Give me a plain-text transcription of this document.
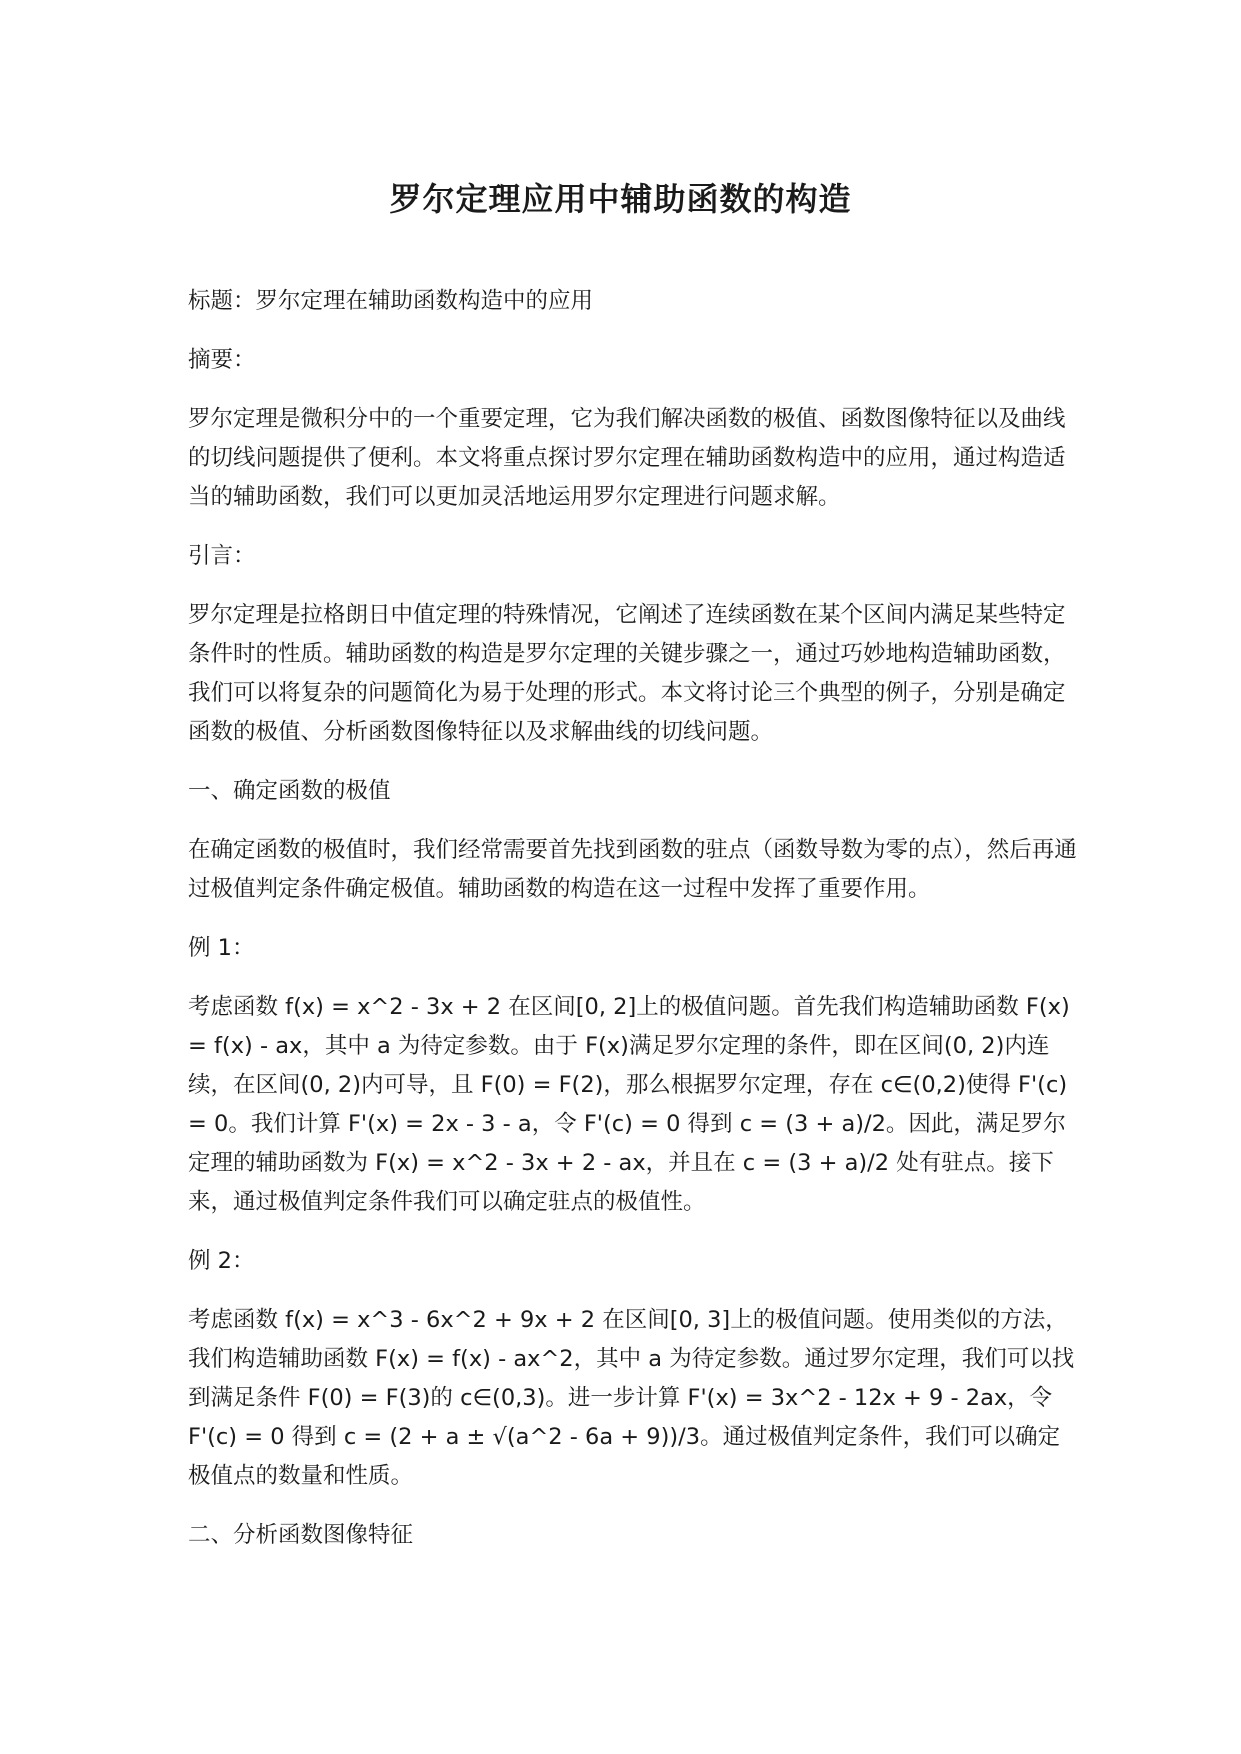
罗尔定理应用中辅助函数的构造

标题：罗尔定理在辅助函数构造中的应用

摘要：

罗尔定理是微积分中的一个重要定理，它为我们解决函数的极值、函数图像特征以及曲线的切线问题提供了便利。本文将重点探讨罗尔定理在辅助函数构造中的应用，通过构造适当的辅助函数，我们可以更加灵活地运用罗尔定理进行问题求解。

引言：

罗尔定理是拉格朗日中值定理的特殊情况，它阐述了连续函数在某个区间内满足某些特定条件时的性质。辅助函数的构造是罗尔定理的关键步骤之一，通过巧妙地构造辅助函数，我们可以将复杂的问题简化为易于处理的形式。本文将讨论三个典型的例子，分别是确定函数的极值、分析函数图像特征以及求解曲线的切线问题。

一、确定函数的极值

在确定函数的极值时，我们经常需要首先找到函数的驻点（函数导数为零的点），然后再通过极值判定条件确定极值。辅助函数的构造在这一过程中发挥了重要作用。

例 1：

考虑函数 f(x) = x^2 - 3x + 2 在区间[0, 2]上的极值问题。首先我们构造辅助函数 F(x) = f(x) - ax，其中 a 为待定参数。由于 F(x)满足罗尔定理的条件，即在区间(0, 2)内连续，在区间(0, 2)内可导，且 F(0) = F(2)，那么根据罗尔定理，存在 c∈(0,2)使得 F'(c) = 0。我们计算 F'(x) = 2x - 3 - a，令 F'(c) = 0 得到 c = (3 + a)/2。因此，满足罗尔定理的辅助函数为 F(x) = x^2 - 3x + 2 - ax，并且在 c = (3 + a)/2 处有驻点。接下来，通过极值判定条件我们可以确定驻点的极值性。

例 2：

考虑函数 f(x) = x^3 - 6x^2 + 9x + 2 在区间[0, 3]上的极值问题。使用类似的方法，我们构造辅助函数 F(x) = f(x) - ax^2，其中 a 为待定参数。通过罗尔定理，我们可以找到满足条件 F(0) = F(3)的 c∈(0,3)。进一步计算 F'(x) = 3x^2 - 12x + 9 - 2ax，令 F'(c) = 0 得到 c = (2 + a ± √(a^2 - 6a + 9))/3。通过极值判定条件，我们可以确定极值点的数量和性质。

二、分析函数图像特征
